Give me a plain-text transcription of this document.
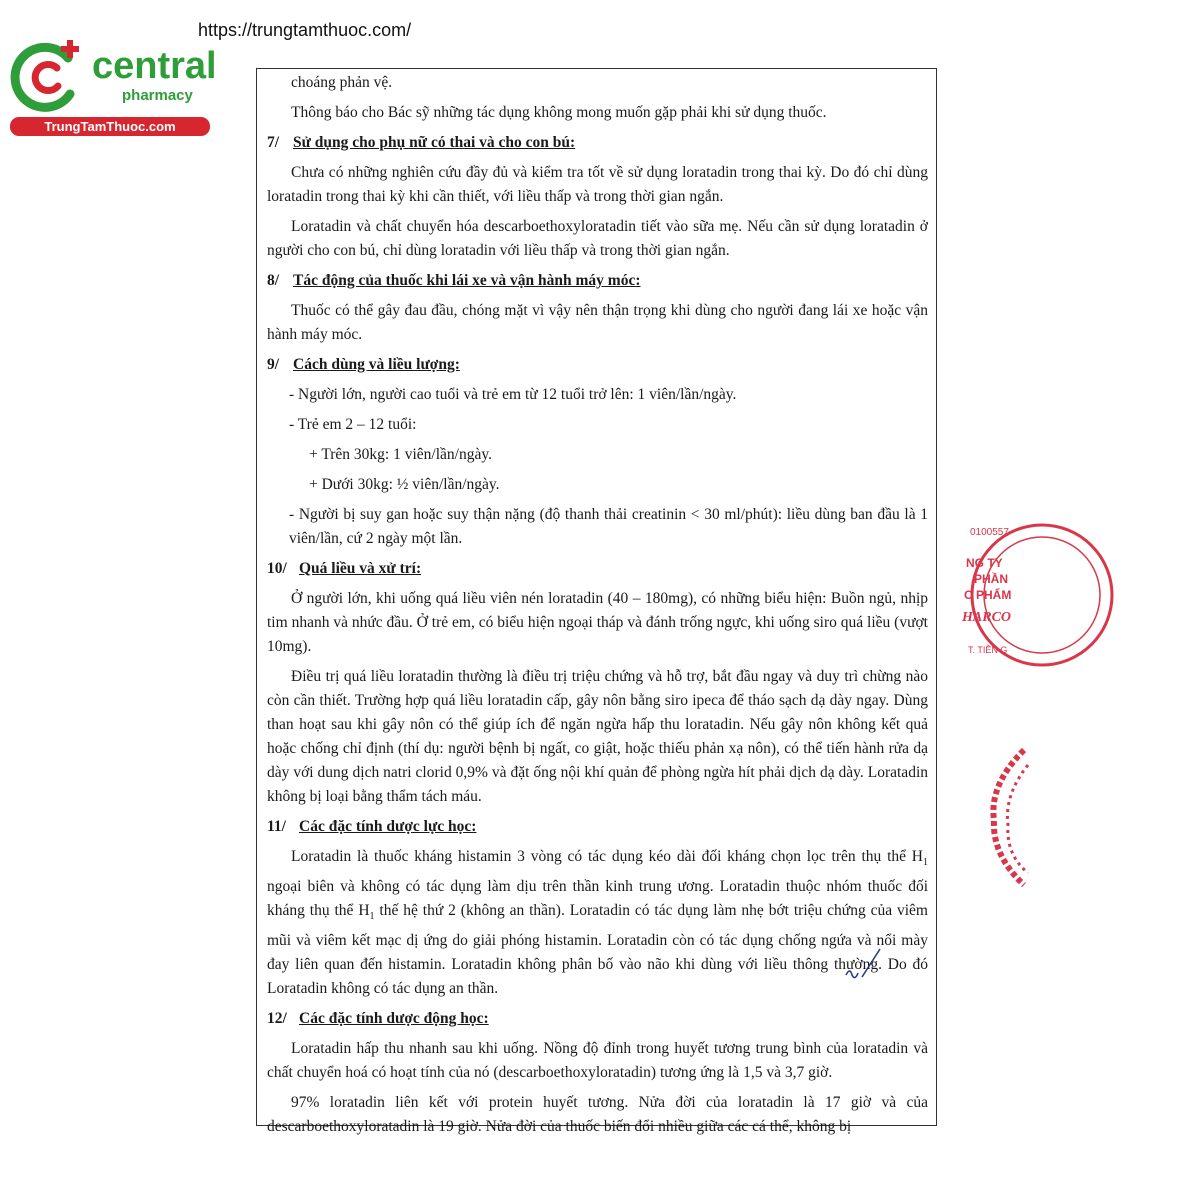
https://trungtamthuoc.com/
central
pharmacy
TrungTamThuoc.com

choáng phản vệ.

Thông báo cho Bác sỹ những tác dụng không mong muốn gặp phải khi sử dụng thuốc.

7/ Sử dụng cho phụ nữ có thai và cho con bú:

Chưa có những nghiên cứu đầy đủ và kiểm tra tốt về sử dụng loratadin trong thai kỳ. Do đó chỉ dùng loratadin trong thai kỳ khi cần thiết, với liều thấp và trong thời gian ngắn.

Loratadin và chất chuyển hóa descarboethoxyloratadin tiết vào sữa mẹ. Nếu cần sử dụng loratadin ở người cho con bú, chỉ dùng loratadin với liều thấp và trong thời gian ngắn.

8/ Tác động của thuốc khi lái xe và vận hành máy móc:

Thuốc có thể gây đau đầu, chóng mặt vì vậy nên thận trọng khi dùng cho người đang lái xe hoặc vận hành máy móc.

9/ Cách dùng và liều lượng:

- Người lớn, người cao tuổi và trẻ em từ 12 tuổi trở lên: 1 viên/lần/ngày.

- Trẻ em 2 – 12 tuổi:

+ Trên 30kg: 1 viên/lần/ngày.

+ Dưới 30kg: ½ viên/lần/ngày.

- Người bị suy gan hoặc suy thận nặng (độ thanh thải creatinin < 30 ml/phút): liều dùng ban đầu là 1 viên/lần, cứ 2 ngày một lần.

10/ Quá liều và xử trí:

Ở người lớn, khi uống quá liều viên nén loratadin (40 – 180mg), có những biểu hiện: Buồn ngủ, nhịp tim nhanh và nhức đầu. Ở trẻ em, có biểu hiện ngoại tháp và đánh trống ngực, khi uống siro quá liều (vượt 10mg).

Điều trị quá liều loratadin thường là điều trị triệu chứng và hỗ trợ, bắt đầu ngay và duy trì chừng nào còn cần thiết. Trường hợp quá liều loratadin cấp, gây nôn bằng siro ipeca để tháo sạch dạ dày ngay. Dùng than hoạt sau khi gây nôn có thể giúp ích để ngăn ngừa hấp thu loratadin. Nếu gây nôn không kết quả hoặc chống chỉ định (thí dụ: người bệnh bị ngất, co giật, hoặc thiếu phản xạ nôn), có thể tiến hành rửa dạ dày với dung dịch natri clorid 0,9% và đặt ống nội khí quản để phòng ngừa hít phải dịch dạ dày. Loratadin không bị loại bằng thẩm tách máu.

11/ Các đặc tính dược lực học:

Loratadin là thuốc kháng histamin 3 vòng có tác dụng kéo dài đối kháng chọn lọc trên thụ thể $H_1$ ngoại biên và không có tác dụng làm dịu trên thần kinh trung ương. Loratadin thuộc nhóm thuốc đối kháng thụ thể $H_1$ thế hệ thứ 2 (không an thần). Loratadin có tác dụng làm nhẹ bớt triệu chứng của viêm mũi và viêm kết mạc dị ứng do giải phóng histamin. Loratadin còn có tác dụng chống ngứa và nổi mày đay liên quan đến histamin. Loratadin không phân bố vào não khi dùng với liều thông thường. Do đó Loratadin không có tác dụng an thần.

12/ Các đặc tính dược động học:

Loratadin hấp thu nhanh sau khi uống. Nồng độ đỉnh trong huyết tương trung bình của loratadin và chất chuyển hoá có hoạt tính của nó (descarboethoxyloratadin) tương ứng là 1,5 và 3,7 giờ.

97% loratadin liên kết với protein huyết tương. Nửa đời của loratadin là 17 giờ và của descarboethoxyloratadin là 19 giờ. Nửa đời của thuốc biến đổi nhiều giữa các cá thể, không bị

0100557
NG TY
PHẦN
C PHẨM
HARCO
T. TIỀN G
